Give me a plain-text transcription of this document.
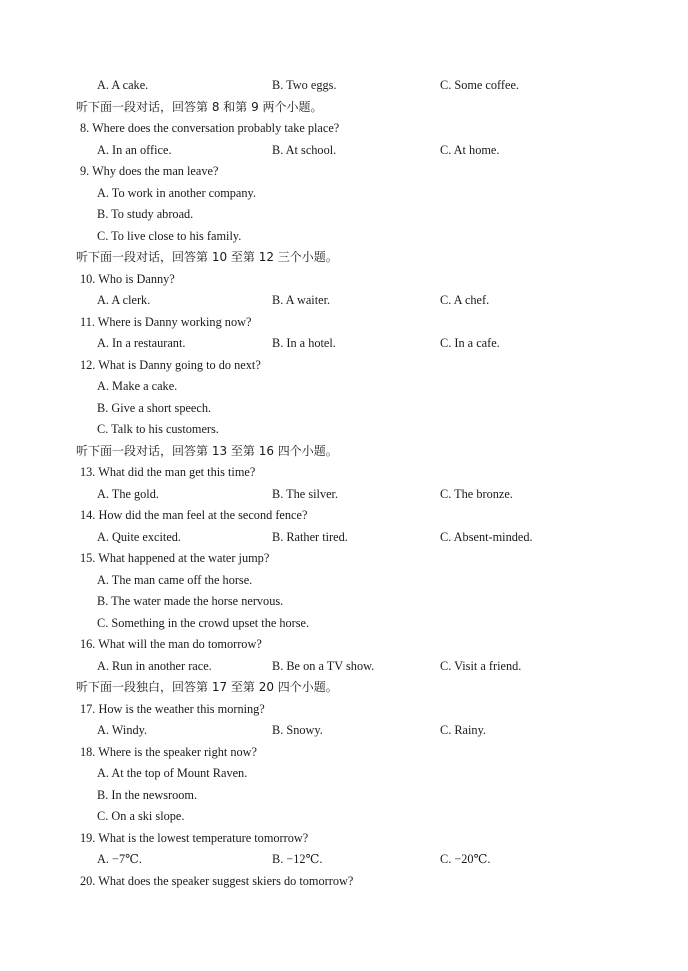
A. A cake.	B. Two eggs.	C. Some coffee.
听下面一段对话，回答第 8 和第 9 两个小题。
8. Where does the conversation probably take place?
A. In an office.	B. At school.	C. At home.
9. Why does the man leave?
A. To work in another company.
B. To study abroad.
C. To live close to his family.
听下面一段对话，回答第 10 至第 12 三个小题。
10. Who is Danny?
A. A clerk.	B. A waiter.	C. A chef.
11. Where is Danny working now?
A. In a restaurant.	B. In a hotel.	C. In a cafe.
12. What is Danny going to do next?
A. Make a cake.
B. Give a short speech.
C. Talk to his customers.
听下面一段对话，回答第 13 至第 16 四个小题。
13. What did the man get this time?
A. The gold.	B. The silver.	C. The bronze.
14. How did the man feel at the second fence?
A. Quite excited.	B. Rather tired.	C. Absent-minded.
15. What happened at the water jump?
A. The man came off the horse.
B. The water made the horse nervous.
C. Something in the crowd upset the horse.
16. What will the man do tomorrow?
A. Run in another race.	B. Be on a TV show.	C. Visit a friend.
听下面一段独白，回答第 17 至第 20 四个小题。
17. How is the weather this morning?
A. Windy.	B. Snowy.	C. Rainy.
18. Where is the speaker right now?
A. At the top of Mount Raven.
B. In the newsroom.
C. On a ski slope.
19. What is the lowest temperature tomorrow?
A. −7℃.	B. −12℃.	C. −20℃.
20. What does the speaker suggest skiers do tomorrow?
